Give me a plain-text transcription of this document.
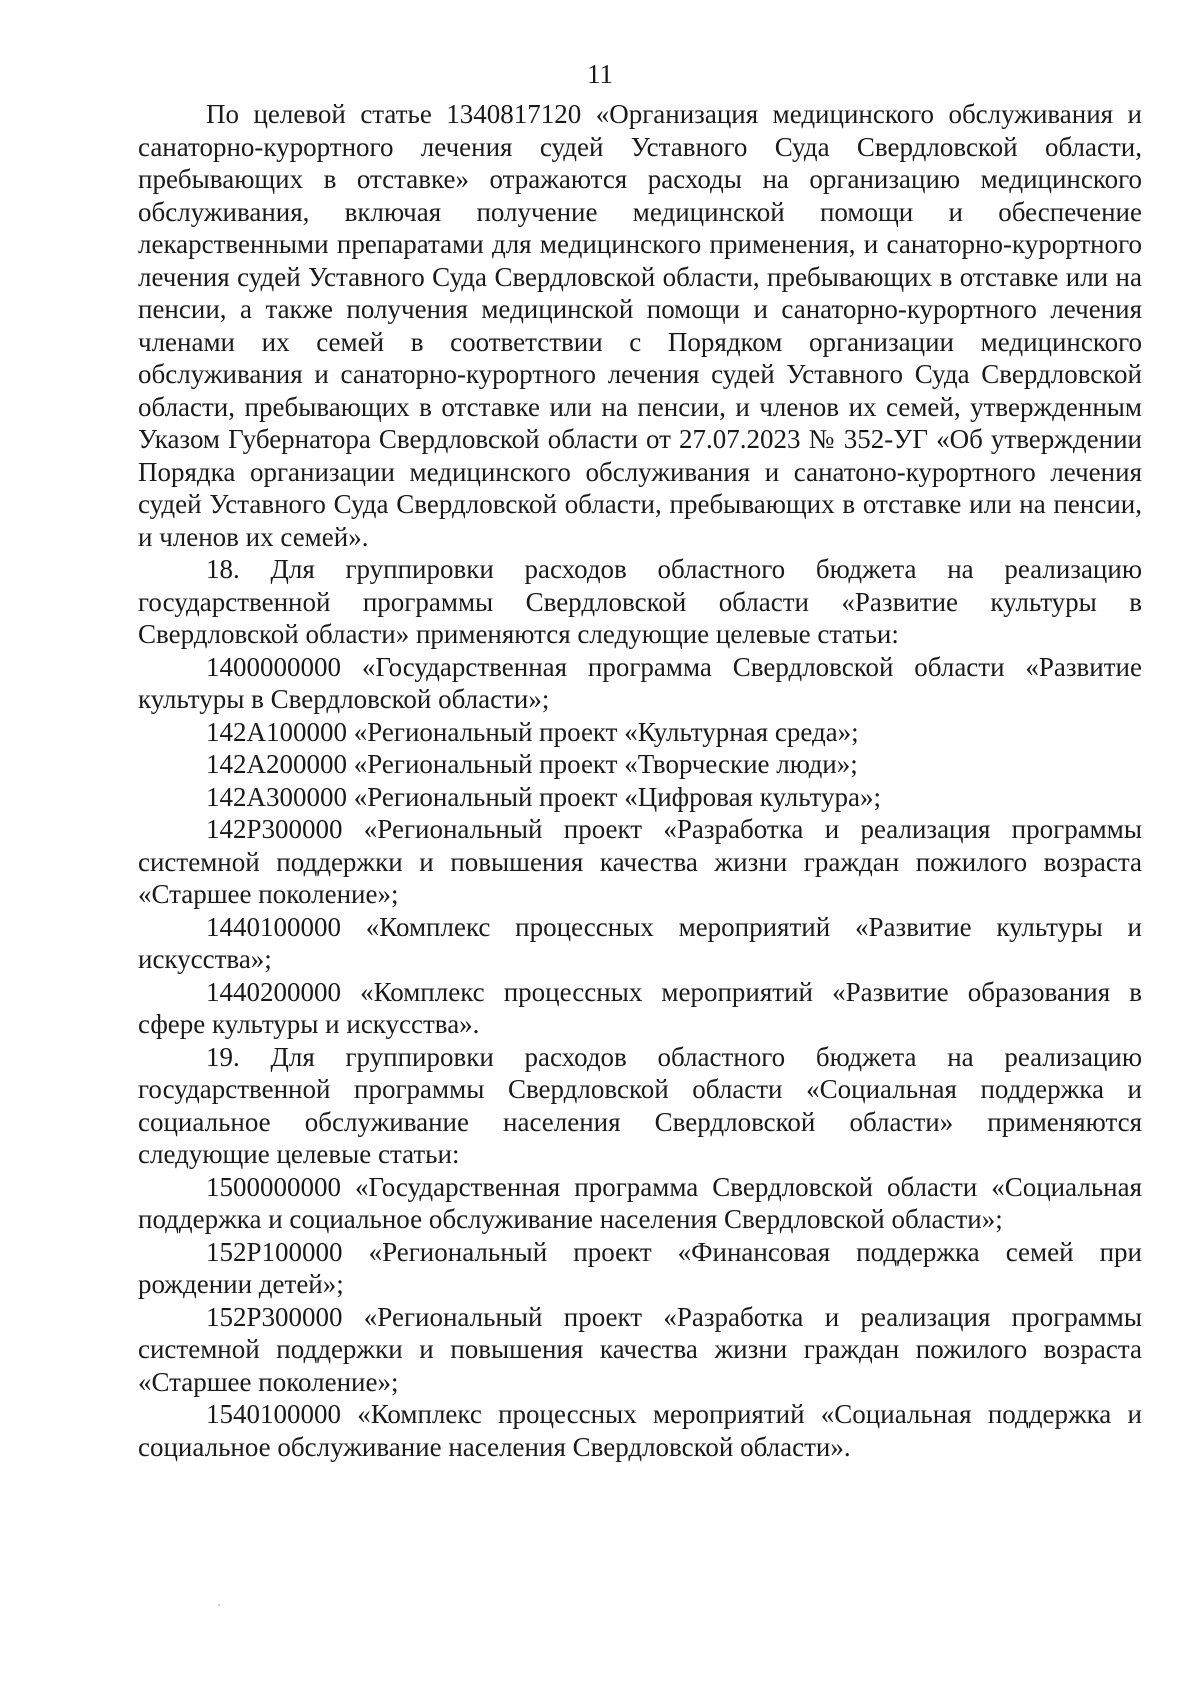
11

По целевой статье 1340817120 «Организация медицинского обслуживания и санаторно-курортного лечения судей Уставного Суда Свердловской области, пребывающих в отставке» отражаются расходы на организацию медицинского обслуживания, включая получение медицинской помощи и обеспечение лекарственными препаратами для медицинского применения, и санаторно-курортного лечения судей Уставного Суда Свердловской области, пребывающих в отставке или на пенсии, а также получения медицинской помощи и санаторно-курортного лечения членами их семей в соответствии с Порядком организации медицинского обслуживания и санаторно-курортного лечения судей Уставного Суда Свердловской области, пребывающих в отставке или на пенсии, и членов их семей, утвержденным Указом Губернатора Свердловской области от 27.07.2023 № 352-УГ «Об утверждении Порядка организации медицинского обслуживания и санатоно-курортного лечения судей Уставного Суда Свердловской области, пребывающих в отставке или на пенсии, и членов их семей».

18. Для группировки расходов областного бюджета на реализацию государственной программы Свердловской области «Развитие культуры в Свердловской области» применяются следующие целевые статьи:

1400000000 «Государственная программа Свердловской области «Развитие культуры в Свердловской области»;

142А100000 «Региональный проект «Культурная среда»;

142А200000 «Региональный проект «Творческие люди»;

142А300000 «Региональный проект «Цифровая культура»;

142Р300000 «Региональный проект «Разработка и реализация программы системной поддержки и повышения качества жизни граждан пожилого возраста «Старшее поколение»;

1440100000 «Комплекс процессных мероприятий «Развитие культуры и искусства»;

1440200000 «Комплекс процессных мероприятий «Развитие образования в сфере культуры и искусства».

19. Для группировки расходов областного бюджета на реализацию государственной программы Свердловской области «Социальная поддержка и социальное обслуживание населения Свердловской области» применяются следующие целевые статьи:

1500000000 «Государственная программа Свердловской области «Социальная поддержка и социальное обслуживание населения Свердловской области»;

152Р100000 «Региональный проект «Финансовая поддержка семей при рождении детей»;

152Р300000 «Региональный проект «Разработка и реализация программы системной поддержки и повышения качества жизни граждан пожилого возраста «Старшее поколение»;

1540100000 «Комплекс процессных мероприятий «Социальная поддержка и социальное обслуживание населения Свердловской области».
